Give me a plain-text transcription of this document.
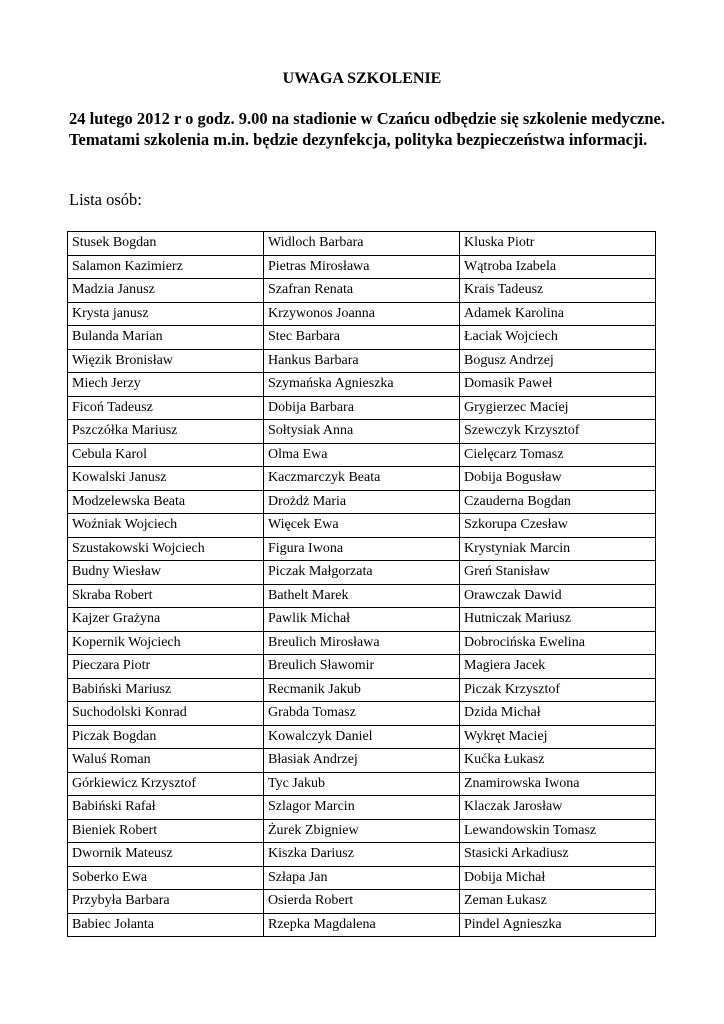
UWAGA SZKOLENIE
24 lutego 2012 r o godz. 9.00 na stadionie w Czańcu odbędzie się szkolenie medyczne. Tematami szkolenia m.in. będzie dezynfekcja, polityka bezpieczeństwa informacji.
Lista osób:
Stusek Bogdan	Widloch Barbara	Kluska Piotr
Salamon Kazimierz	Pietras Mirosława	Wątroba Izabela
Madzia Janusz	Szafran Renata	Krais Tadeusz
Krysta janusz	Krzywonos Joanna	Adamek Karolina
Bulanda Marian	Stec Barbara	Łaciak Wojciech
Więzik Bronisław	Hankus Barbara	Bogusz Andrzej
Miech Jerzy	Szymańska Agnieszka	Domasik Paweł
Ficoń Tadeusz	Dobija Barbara	Grygierzec Maciej
Pszczółka Mariusz	Sołtysiak Anna	Szewczyk Krzysztof
Cebula Karol	Olma Ewa	Cielęcarz Tomasz
Kowalski Janusz	Kaczmarczyk Beata	Dobija Bogusław
Modzelewska Beata	Drożdż Maria	Czauderna Bogdan
Woźniak Wojciech	Więcek Ewa	Szkorupa Czesław
Szustakowski Wojciech	Figura Iwona	Krystyniak Marcin
Budny Wiesław	Piczak Małgorzata	Greń Stanisław
Skraba Robert	Bathelt Marek	Orawczak Dawid
Kajzer Grażyna	Pawlik Michał	Hutniczak Mariusz
Kopernik Wojciech	Breulich Mirosława	Dobrocińska Ewelina
Pieczara Piotr	Breulich Sławomir	Magiera Jacek
Babiński Mariusz	Recmanik Jakub	Piczak Krzysztof
Suchodolski Konrad	Grabda Tomasz	Dzida Michał
Piczak Bogdan	Kowalczyk Daniel	Wykręt Maciej
Waluś Roman	Błasiak Andrzej	Kućka Łukasz
Górkiewicz Krzysztof	Tyc Jakub	Znamirowska Iwona
Babiński Rafał	Szlagor Marcin	Klaczak Jarosław
Bieniek Robert	Żurek Zbigniew	Lewandowskin Tomasz
Dwornik Mateusz	Kiszka Dariusz	Stasicki Arkadiusz
Soberko Ewa	Szłapa Jan	Dobija Michał
Przybyła Barbara	Osierda Robert	Zeman Łukasz
Babiec Jolanta	Rzepka Magdalena	Pindel Agnieszka
